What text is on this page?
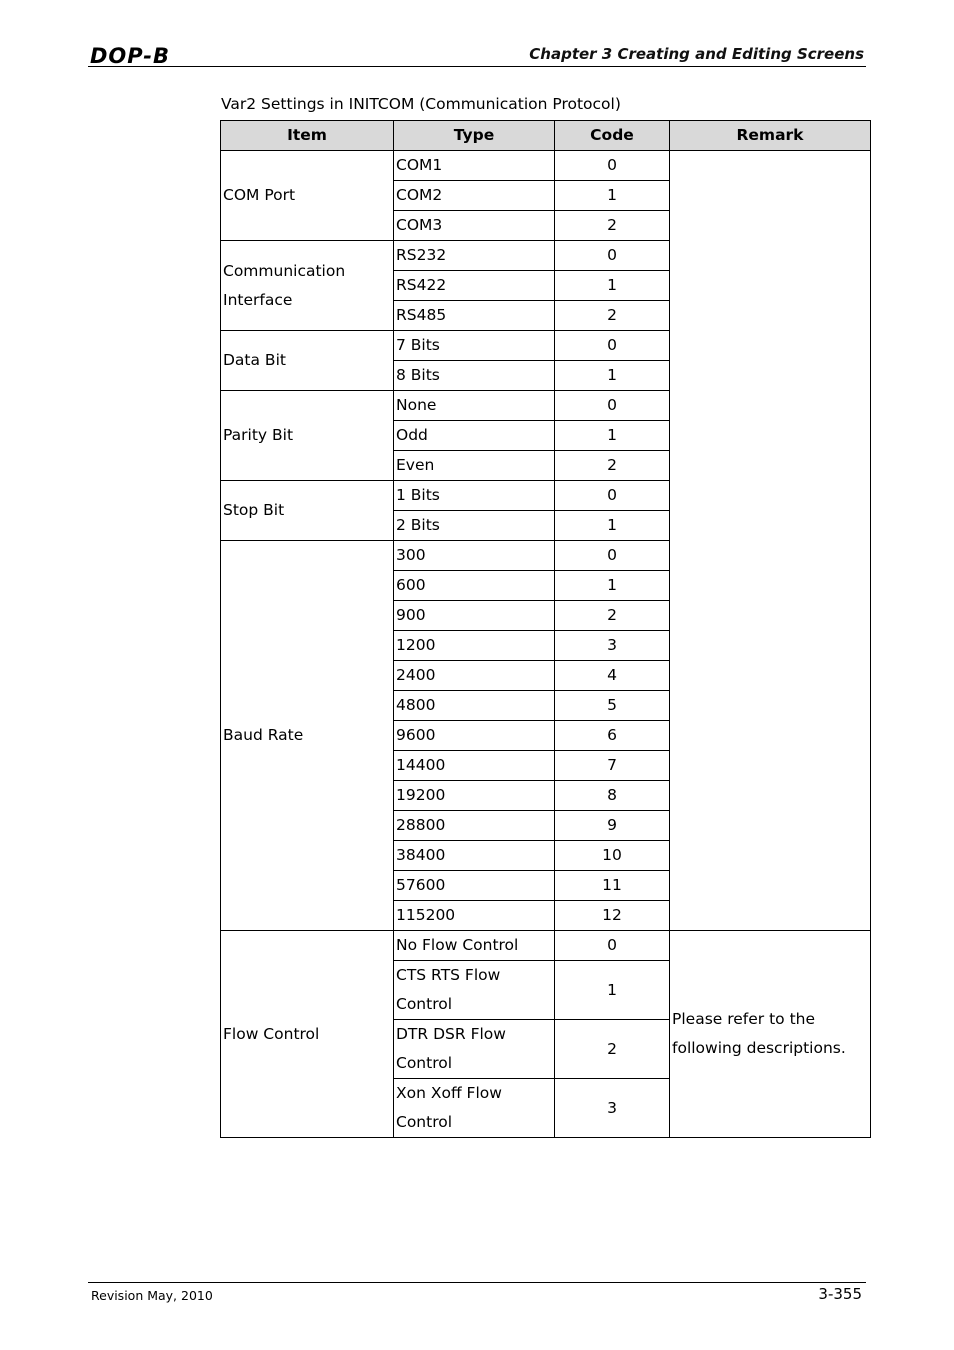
DOP-B	Chapter 3 Creating and Editing Screens
Var2 Settings in INITCOM (Communication Protocol)
Item	Type	Code	Remark
COM Port	COM1	0	
	COM2	1	
	COM3	2	
Communication Interface	RS232	0	
	RS422	1	
	RS485	2	
Data Bit	7 Bits	0	
	8 Bits	1	
Parity Bit	None	0	
	Odd	1	
	Even	2	
Stop Bit	1 Bits	0	
	2 Bits	1	
Baud Rate	300	0	
	600	1	
	900	2	
	1200	3	
	2400	4	
	4800	5	
	9600	6	
	14400	7	
	19200	8	
	28800	9	
	38400	10	
	57600	11	
	115200	12	
Flow Control	No Flow Control	0	Please refer to the following descriptions.
	CTS RTS Flow Control	1	
	DTR DSR Flow Control	2	
	Xon Xoff Flow Control	3	
Revision May, 2010	3-355
